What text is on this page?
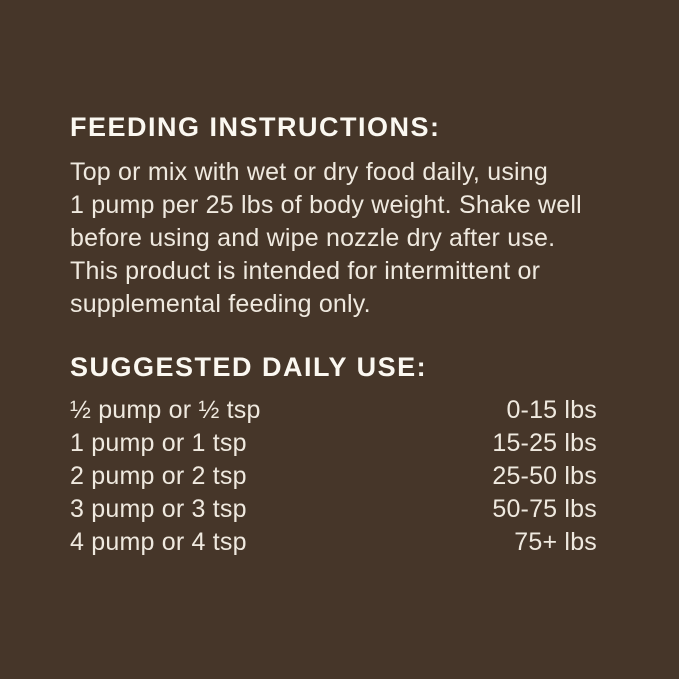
FEEDING INSTRUCTIONS:

Top or mix with wet or dry food daily, using
1 pump per 25 lbs of body weight. Shake well
before using and wipe nozzle dry after use.
This product is intended for intermittent or
supplemental feeding only.

SUGGESTED DAILY USE:
½ pump or ½ tsp	0-15 lbs
1 pump or 1 tsp	15-25 lbs
2 pump or 2 tsp	25-50 lbs
3 pump or 3 tsp	50-75 lbs
4 pump or 4 tsp	75+ lbs
